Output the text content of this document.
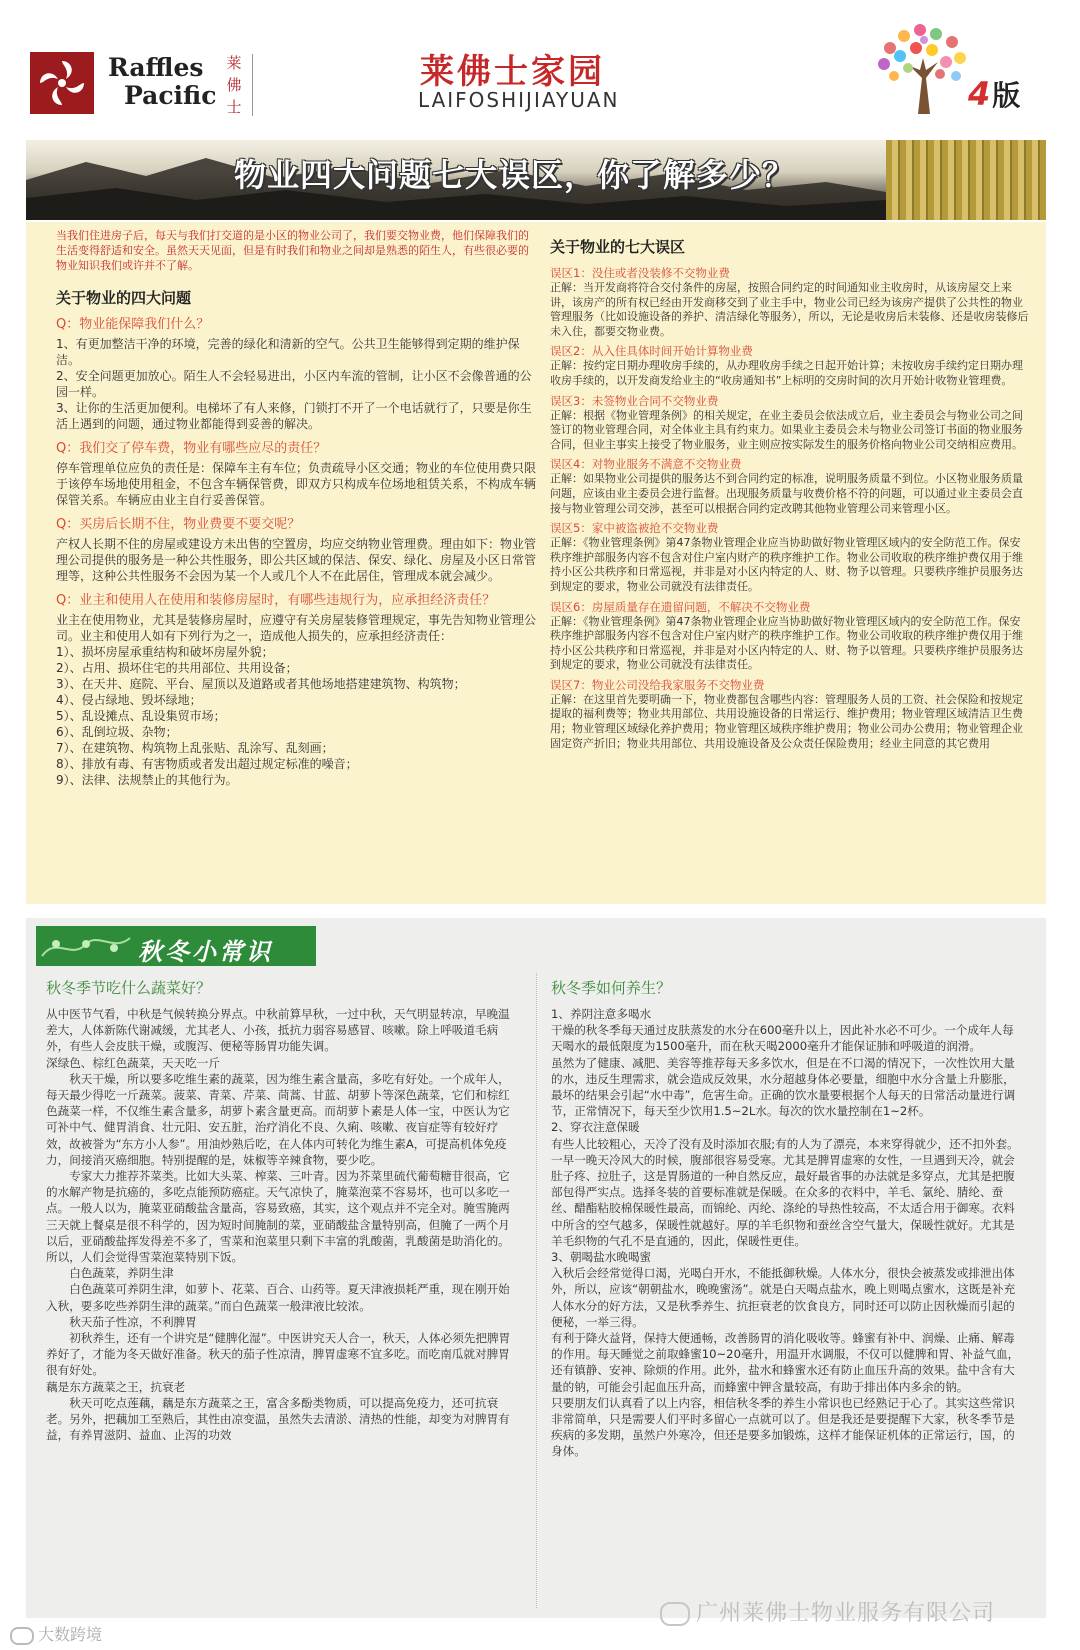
Raffles
Pacific
莱佛士
莱佛士家园
LAIFOSHIJIAYUAN	4版
物业四大问题七大误区，你了解多少？
当我们住进房子后，每天与我们打交道的是小区的物业公司了，我们要交物业费，他们保障我们的生活变得舒适和安全。虽然天天见面，但是有时我们和物业之间却是熟悉的陌生人，有些很必要的物业知识我们或许并不了解。
关于物业的四大问题
Q：物业能保障我们什么？

1、有更加整洁干净的环境，完善的绿化和清新的空气。公共卫生能够得到定期的维护保洁。

2、安全问题更加放心。陌生人不会轻易进出，小区内车流的管制，让小区不会像普通的公园一样。

3、让你的生活更加便利。电梯坏了有人来修，门锁打不开了一个电话就行了，只要是你生活上遇到的问题，通过物业都能得到妥善的解决。

Q：我们交了停车费，物业有哪些应尽的责任？
停车管理单位应负的责任是：保障车主有车位；负责疏导小区交通；物业的车位使用费只限于该停车场地使用租金，不包含车辆保管费，即双方只构成车位场地租赁关系，不构成车辆保管关系。车辆应由业主自行妥善保管。
Q：买房后长期不住，物业费要不要交呢？
产权人长期不住的房屋或建设方未出售的空置房，均应交纳物业管理费。理由如下：物业管理公司提供的服务是一种公共性服务，即公共区域的保洁、保安、绿化、房屋及小区日常管理等，这种公共性服务不会因为某一个人或几个人不在此居住，管理成本就会减少。
Q：业主和使用人在使用和装修房屋时，有哪些违规行为，应承担经济责任？

业主在使用物业，尤其是装修房屋时，应遵守有关房屋装修管理规定，事先告知物业管理公司。业主和使用人如有下列行为之一，造成他人损失的，应承担经济责任：

1）、损坏房屋承重结构和破坏房屋外貌；

2）、占用、损坏住宅的共用部位、共用设备；

3）、在天井、庭院、平台、屋顶以及道路或者其他场地搭建建筑物、构筑物；

4）、侵占绿地、毁坏绿地；

5）、乱设摊点、乱设集贸市场；

6）、乱倒垃圾、杂物；

7）、在建筑物、构筑物上乱张贴、乱涂写、乱刻画；

8）、排放有毒、有害物质或者发出超过规定标准的噪音；

9）、法律、法规禁止的其他行为。

关于物业的七大误区
误区1：没住或者没装修不交物业费
正解：当开发商将符合交付条件的房屋，按照合同约定的时间通知业主收房时，从该房屋交上来讲，该房产的所有权已经由开发商移交到了业主手中，物业公司已经为该房产提供了公共性的物业管理服务（比如设施设备的养护、清洁绿化等服务），所以，无论是收房后未装修、还是收房装修后未入住，都要交物业费。
误区2：从入住具体时间开始计算物业费
正解：按约定日期办理收房手续的，从办理收房手续之日起开始计算；未按收房手续约定日期办理收房手续的，以开发商发给业主的“收房通知书”上标明的交房时间的次月开始计收物业管理费。
误区3：未签物业合同不交物业费
正解：根据《物业管理条例》的相关规定，在业主委员会依法成立后，业主委员会与物业公司之间签订的物业管理合同，对全体业主具有约束力。如果业主委员会未与物业公司签订书面的物业服务合同，但业主事实上接受了物业服务，业主则应按实际发生的服务价格向物业公司交纳相应费用。
误区4：对物业服务不满意不交物业费
正解：如果物业公司提供的服务达不到合同约定的标准，说明服务质量不到位。小区物业服务质量问题，应该由业主委员会进行监督。出现服务质量与收费价格不符的问题，可以通过业主委员会直接与物业管理公司交涉，甚至可以根据合同约定改聘其他物业管理公司来管理小区。
误区5：家中被盗被抢不交物业费
正解：《物业管理条例》第47条物业管理企业应当协助做好物业管理区域内的安全防范工作。保安秩序维护部服务内容不包含对住户室内财产的秩序维护工作。物业公司收取的秩序维护费仅用于维持小区公共秩序和日常巡视，并非是对小区内特定的人、财、物予以管理。只要秩序维护员服务达到规定的要求，物业公司就没有法律责任。
误区6：房屋质量存在遗留问题，不解决不交物业费
正解：《物业管理条例》第47条物业管理企业应当协助做好物业管理区域内的安全防范工作。保安秩序维护部服务内容不包含对住户室内财产的秩序维护工作。物业公司收取的秩序维护费仅用于维持小区公共秩序和日常巡视，并非是对小区内特定的人、财、物予以管理。只要秩序维护员服务达到规定的要求，物业公司就没有法律责任。
误区7：物业公司没给我家服务不交物业费
正解：在这里首先要明确一下，物业费都包含哪些内容：管理服务人员的工资、社会保险和按规定提取的福利费等；物业共用部位、共用设施设备的日常运行、维护费用；物业管理区域清洁卫生费用；物业管理区域绿化养护费用；物业管理区域秩序维护费用；物业公司办公费用；物业管理企业固定资产折旧；物业共用部位、共用设施设备及公众责任保险费用；经业主同意的其它费用
秋冬小常识
秋冬季节吃什么蔬菜好？

从中医节气看，中秋是气候转换分界点。中秋前算早秋，一过中秋，天气明显转凉，早晚温差大，人体新陈代谢减缓，尤其老人、小孩，抵抗力弱容易感冒、咳嗽。除上呼吸道毛病外，有些人会皮肤干燥，或腹泻、便秘等肠胃功能失调。

深绿色、棕红色蔬菜，天天吃一斤

　　秋天干燥，所以要多吃维生素的蔬菜，因为维生素含量高，多吃有好处。一个成年人，每天最少得吃一斤蔬菜。菠菜、青菜、芹菜、茼蒿、甘蓝、胡萝卜等深色蔬菜，它们和棕红色蔬菜一样，不仅维生素含量多，胡萝卜素含量更高。而胡萝卜素是人体一宝，中医认为它可补中气、健胃消食、壮元阳、安五脏，治疗消化不良、久痢、咳嗽、夜盲症等有较好疗效，故被誉为“东方小人参”。用油炒熟后吃，在人体内可转化为维生素A，可提高机体免疫力，间接消灭癌细胞。特别提醒的是，妹椒等辛辣食物，要少吃。

　　专家大力推荐芥菜类。比如大头菜、榨菜、三叶青。因为芥菜里硫代葡萄糖苷很高，它的水解产物是抗癌的，多吃点能预防癌症。天气凉快了，腌菜泡菜不容易坏，也可以多吃一点。一般人以为，腌菜亚硝酸盐含量高，容易致癌，其实，这个观点并不完全对。腌雪腌两三天就上餐桌是很不科学的，因为短时间腌制的菜，亚硝酸盐含量特别高，但腌了一两个月以后，亚硝酸盐挥发得差不多了，雪菜和泡菜里只剩下丰富的乳酸菌，乳酸菌是助消化的。所以，人们会觉得雪菜泡菜特别下饭。

　　白色蔬菜，养阴生津

　　白色蔬菜可养阴生津，如萝卜、花菜、百合、山药等。夏天津液损耗严重，现在刚开始入秋，要多吃些养阴生津的蔬菜。”而白色蔬菜一般津液比较浓。

　　秋天茄子性凉，不利脾胃

　　初秋养生，还有一个讲究是“健脾化湿”。中医讲究天人合一，秋天，人体必须先把脾胃养好了，才能为冬天做好准备。秋天的茄子性凉清，脾胃虚寒不宜多吃。而吃南瓜就对脾胃很有好处。

藕是东方蔬菜之王，抗衰老

　　秋天可吃点莲藕，藕是东方蔬菜之王，富含多酚类物质，可以提高免疫力，还可抗衰老。另外，把藕加工至熟后，其性由凉变温，虽然失去清淤、清热的性能，却变为对脾胃有益，有养胃滋阴、益血、止泻的功效

秋冬季如何养生？

1、养阴注意多喝水

干燥的秋冬季每天通过皮肤蒸发的水分在600毫升以上，因此补水必不可少。一个成年人每天喝水的最低限度为1500毫升，而在秋天喝2000毫升才能保证肺和呼吸道的润滑。

虽然为了健康、减肥、美容等推荐每天多多饮水，但是在不口渴的情况下，一次性饮用大量的水，违反生理需求，就会造成反效果，水分超越身体必要量，细胞中水分含量上升膨胀，最坏的结果会引起“水中毒”，危害生命。正确的饮水量要根据个人每天的日常活动量进行调节，正常情况下，每天至少饮用1.5~2L水。每次的饮水量控制在1~2杯。

2、穿衣注意保暖

有些人比较粗心，天冷了没有及时添加衣服;有的人为了漂亮，本来穿得就少，还不扣外套。一早一晚天冷风大的时候，腹部很容易受寒。尤其是脾胃虚寒的女性，一旦遇到天冷，就会肚子疼、拉肚子，这是胃肠道的一种自然反应，最好最省事的办法就是多穿点，尤其是把腹部包得严实点。选择冬装的首要标准就是保暖。在众多的衣料中，羊毛、氯纶、腈纶、蚕丝、醋酯粘胶棉保暖性最高，而锦纶、丙纶、涤纶的导热性较高，不太适合用于御寒。衣料中所含的空气越多，保暖性就越好。厚的羊毛织物和蚕丝含空气量大，保暖性就好。尤其是羊毛织物的气孔不是直通的，因此，保暖性更佳。

3、朝喝盐水晚喝蜜

入秋后会经常觉得口渴，光喝白开水，不能抵御秋燥。人体水分，很快会被蒸发或排泄出体外，所以，应该“朝朝盐水，晚晚蜜汤”。就是白天喝点盐水，晚上则喝点蜜水，这既是补充人体水分的好方法，又是秋季养生、抗拒衰老的饮食良方，同时还可以防止因秋燥而引起的便秘，一举三得。

有利于降火益肾，保持大便通畅，改善肠胃的消化吸收等。蜂蜜有补中、润燥、止痛、解毒的作用。每天睡觉之前取蜂蜜10~20毫升，用温开水调服，不仅可以健脾和胃、补益气血，还有镇静、安神、除烦的作用。此外，盐水和蜂蜜水还有防止血压升高的效果。盐中含有大量的钠，可能会引起血压升高，而蜂蜜中钾含量较高，有助于排出体内多余的钠。

只要朋友们认真看了以上内容，相信秋冬季的养生小常识也已经熟记于心了。其实这些常识非常简单，只是需要人们平时多留心一点就可以了。但是我还是要提醒下大家，秋冬季节是疾病的多发期，虽然户外寒冷，但还是要多加锻炼，这样才能保证机体的正常运行，国，的身体。

大数跨境
广州莱佛士物业服务有限公司
